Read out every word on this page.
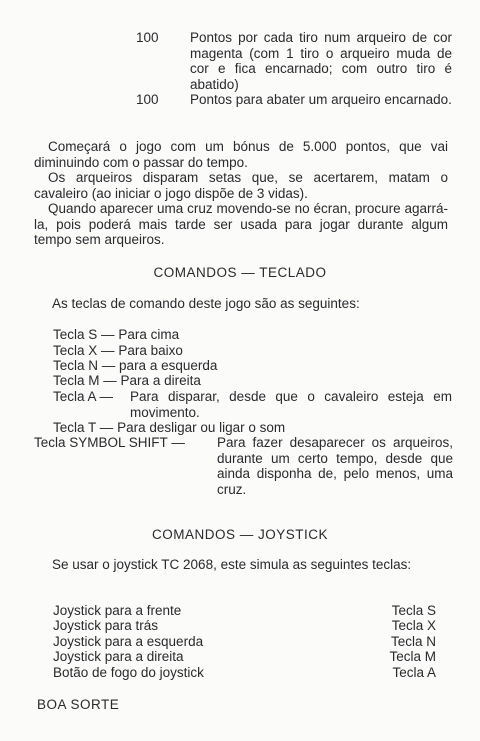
100 Pontos por cada tiro num arqueiro de cor magenta (com 1 tiro o arqueiro muda de cor e fica encarnado; com outro tiro é abatido)
100 Pontos para abater um arqueiro encarnado.
Começará o jogo com um bónus de 5.000 pontos, que vai diminuindo com o passar do tempo.
Os arqueiros disparam setas que, se acertarem, matam o cavaleiro (ao iniciar o jogo dispõe de 3 vidas).
Quando aparecer uma cruz movendo-se no écran, procure agarrá-la, pois poderá mais tarde ser usada para jogar durante algum tempo sem arqueiros.
COMANDOS — TECLADO
As teclas de comando deste jogo são as seguintes:
Tecla S — Para cima
Tecla X — Para baixo
Tecla N — para a esquerda
Tecla M — Para a direita
Tecla A — Para disparar, desde que o cavaleiro esteja em movimento.
Tecla T — Para desligar ou ligar o som
Tecla SYMBOL SHIFT — Para fazer desaparecer os arqueiros, durante um certo tempo, desde que ainda disponha de, pelo menos, uma cruz.
COMANDOS — JOYSTICK
Se usar o joystick TC 2068, este simula as seguintes teclas:
Joystick para a frente	Tecla S
Joystick para trás	Tecla X
Joystick para a esquerda	Tecla N
Joystick para a direita	Tecla M
Botão de fogo do joystick	Tecla A
BOA SORTE
